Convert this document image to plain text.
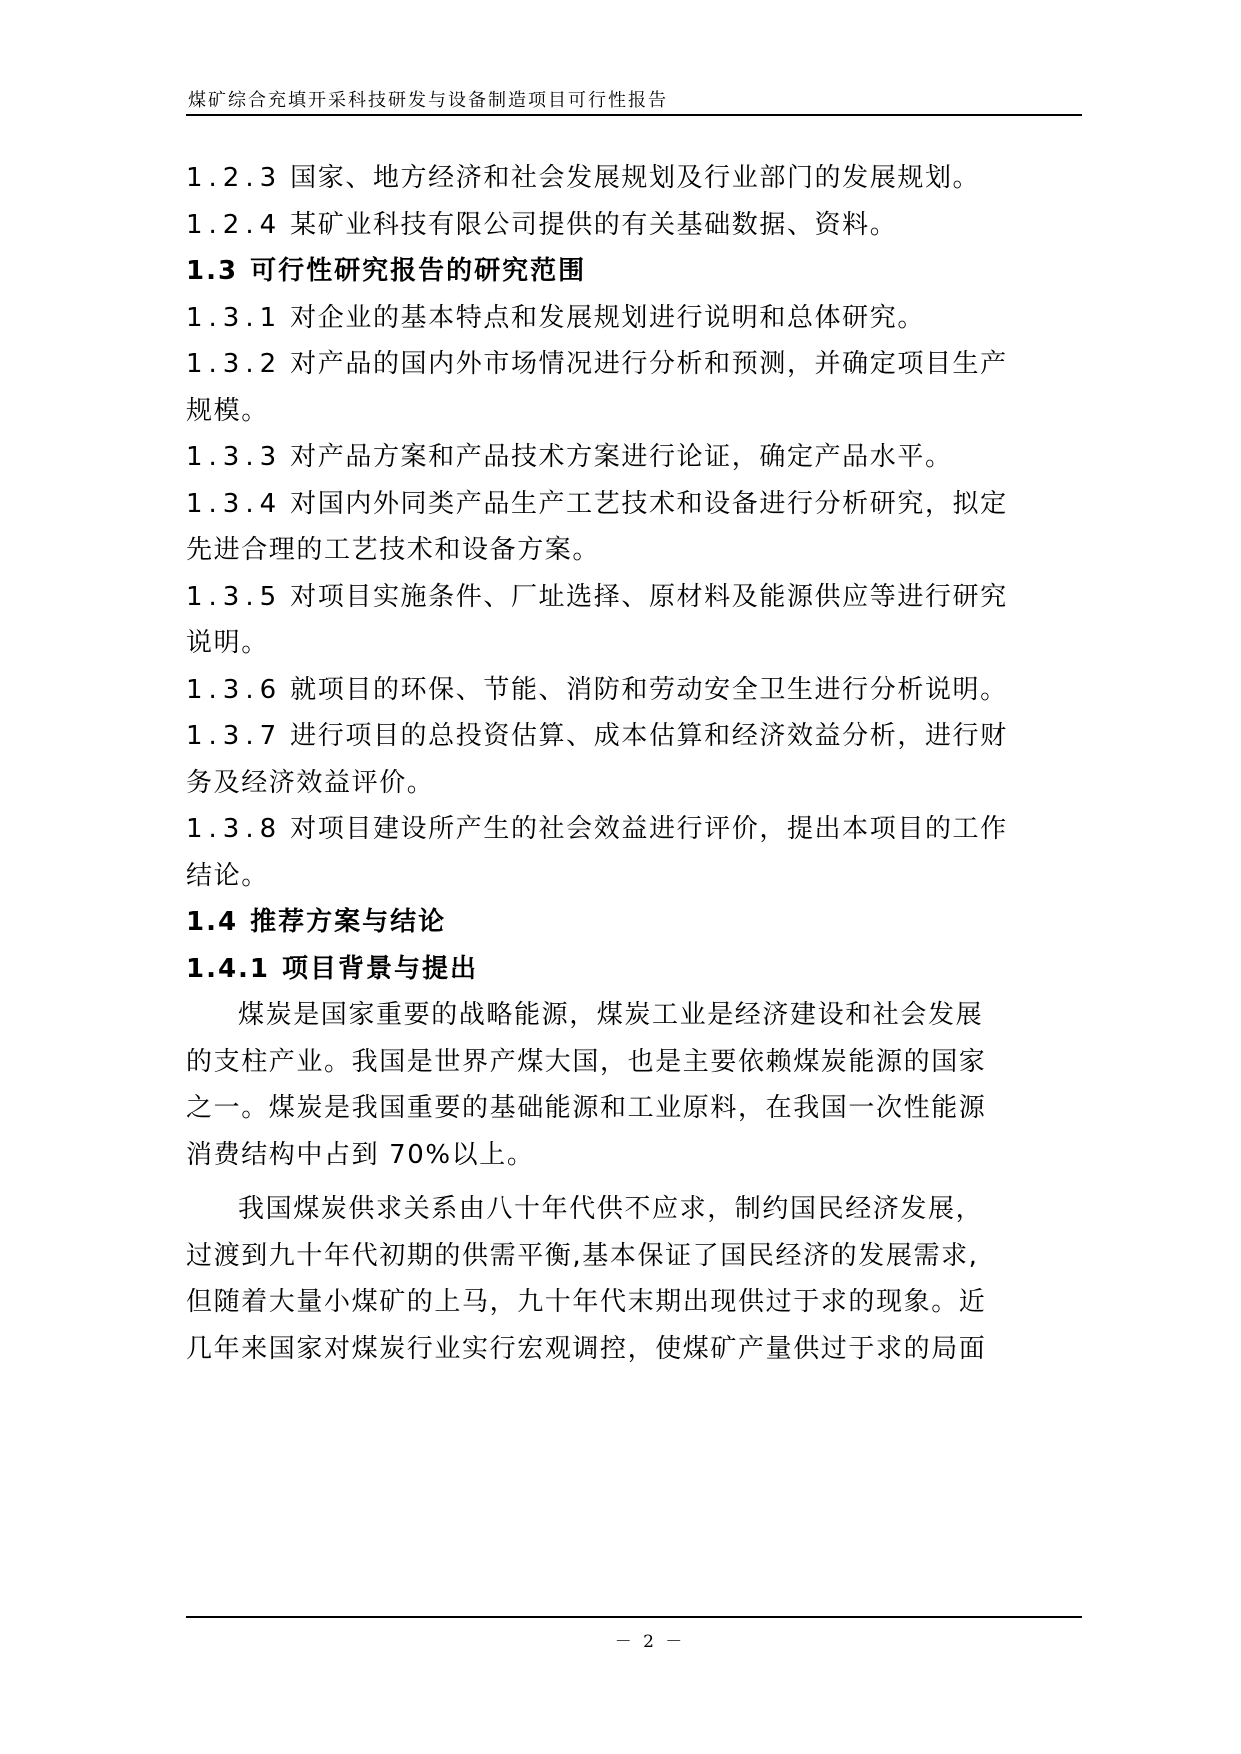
煤矿综合充填开采科技研发与设备制造项目可行性报告
1.2.3 国家、地方经济和社会发展规划及行业部门的发展规划。
1.2.4 某矿业科技有限公司提供的有关基础数据、资料。
1.3 可行性研究报告的研究范围
1.3.1 对企业的基本特点和发展规划进行说明和总体研究。
1.3.2 对产品的国内外市场情况进行分析和预测，并确定项目生产
规模。
1.3.3 对产品方案和产品技术方案进行论证，确定产品水平。
1.3.4 对国内外同类产品生产工艺技术和设备进行分析研究，拟定
先进合理的工艺技术和设备方案。
1.3.5 对项目实施条件、厂址选择、原材料及能源供应等进行研究
说明。
1.3.6 就项目的环保、节能、消防和劳动安全卫生进行分析说明。
1.3.7 进行项目的总投资估算、成本估算和经济效益分析，进行财
务及经济效益评价。
1.3.8 对项目建设所产生的社会效益进行评价，提出本项目的工作
结论。
1.4 推荐方案与结论
1.4.1 项目背景与提出
煤炭是国家重要的战略能源，煤炭工业是经济建设和社会发展
的支柱产业。我国是世界产煤大国，也是主要依赖煤炭能源的国家
之一。煤炭是我国重要的基础能源和工业原料，在我国一次性能源
消费结构中占到 70%以上。
我国煤炭供求关系由八十年代供不应求，制约国民经济发展，
过渡到九十年代初期的供需平衡,基本保证了国民经济的发展需求,
但随着大量小煤矿的上马，九十年代末期出现供过于求的现象。近
几年来国家对煤炭行业实行宏观调控，使煤矿产量供过于求的局面
－ 2 －
